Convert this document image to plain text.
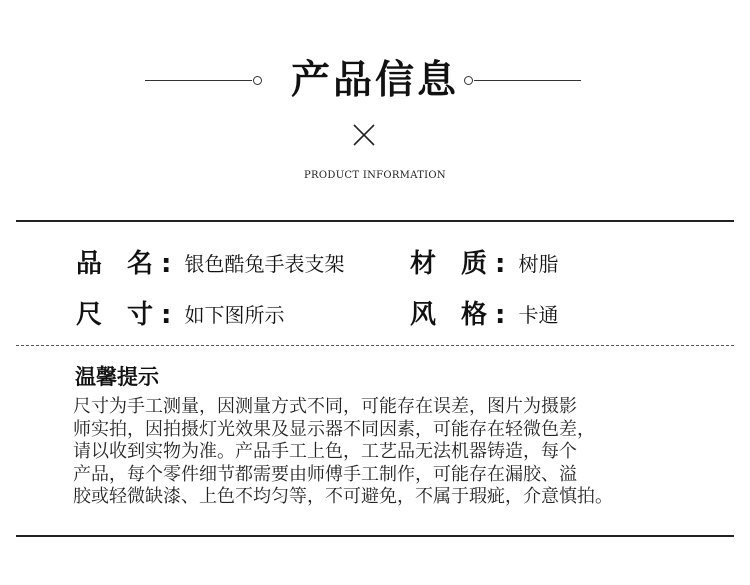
产品信息
PRODUCT INFORMATION
品 名: 银色酷兔手表支架	材 质: 树脂
尺 寸: 如下图所示	风 格: 卡通
温馨提示
尺寸为手工测量，因测量方式不同，可能存在误差，图片为摄影
师实拍，因拍摄灯光效果及显示器不同因素，可能存在轻微色差，
请以收到实物为准。产品手工上色，工艺品无法机器铸造，每个
产品，每个零件细节都需要由师傅手工制作，可能存在漏胶、溢
胶或轻微缺漆、上色不均匀等，不可避免，不属于瑕疵，介意慎拍。
